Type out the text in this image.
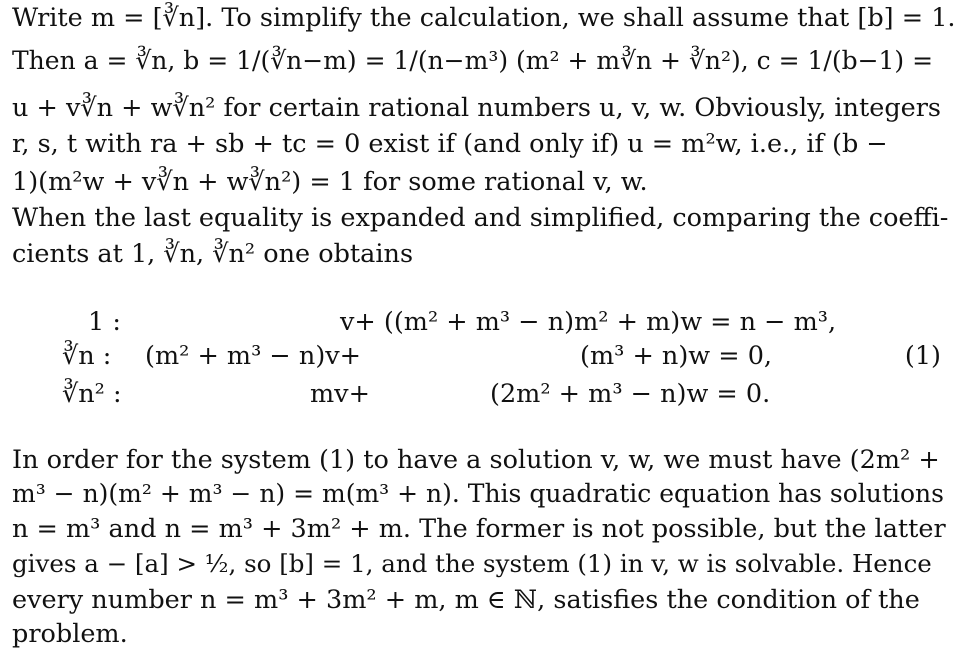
Write m = [∛n]. To simplify the calculation, we shall assume that [b] = 1.
Then a = ∛n, b = 1/(∛n−m) = 1/(n−m³) (m² + m∛n + ∛n²), c = 1/(b−1) =
u + v∛n + w∛n² for certain rational numbers u, v, w. Obviously, integers
r, s, t with ra + sb + tc = 0 exist if (and only if) u = m²w, i.e., if (b −
1)(m²w + v∛n + w∛n²) = 1 for some rational v, w.
When the last equality is expanded and simplified, comparing the coeffi-
cients at 1, ∛n, ∛n² one obtains
1 :	v+ ((m² + m³ − n)m² + m)w = n − m³,
∛n : (m² + m³ − n)v+	(m³ + n)w = 0,
∛n² :	mv+	(2m² + m³ − n)w = 0.
(1)
In order for the system (1) to have a solution v, w, we must have (2m² +
m³ − n)(m² + m³ − n) = m(m³ + n). This quadratic equation has solutions
n = m³ and n = m³ + 3m² + m. The former is not possible, but the latter
gives a − [a] > ½, so [b] = 1, and the system (1) in v, w is solvable. Hence
every number n = m³ + 3m² + m, m ∈ ℕ, satisfies the condition of the
problem.
